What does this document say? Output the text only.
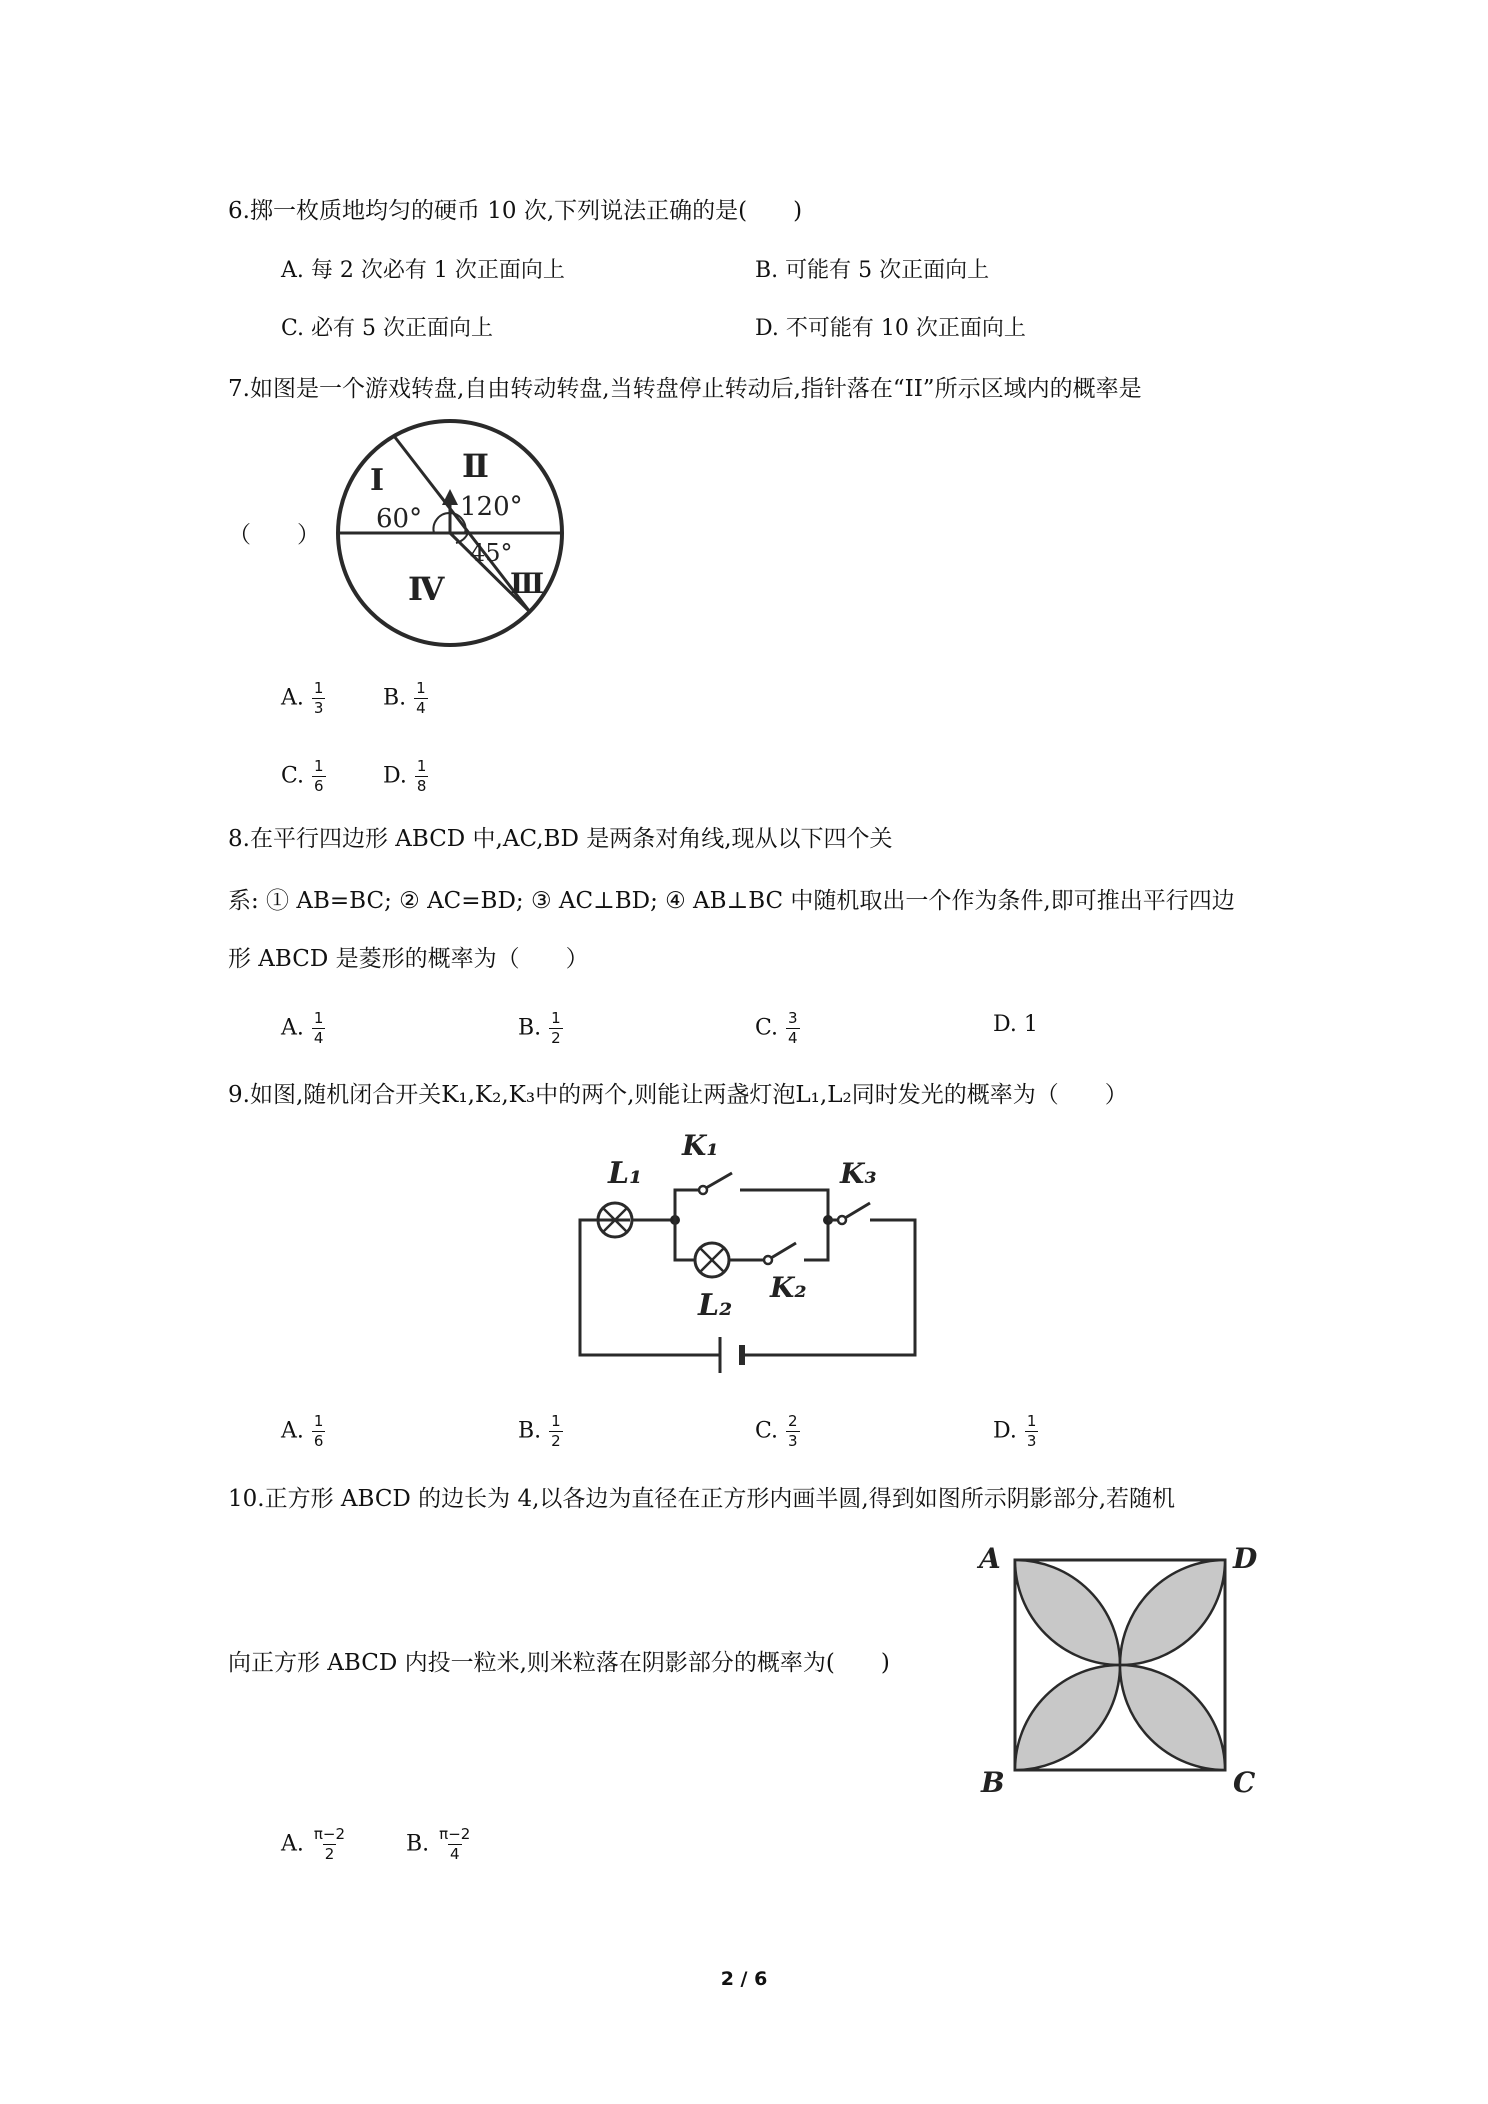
6.掷一枚质地均匀的硬币 10 次,下列说法正确的是(　　)
A. 每 2 次必有 1 次正面向上	B. 可能有 5 次正面向上
C. 必有 5 次正面向上	D. 不可能有 10 次正面向上
7.如图是一个游戏转盘,自由转动转盘,当转盘停止转动后,指针落在“II”所示区域内的概率是
（　　）
Ⅰ Ⅱ
Ⅲ
Ⅳ
60° 120°
45°
A. $\frac{1}{3}$	B. $\frac{1}{4}$
C. $\frac{1}{6}$	D. $\frac{1}{8}$
8.在平行四边形 ABCD 中,AC,BD 是两条对角线,现从以下四个关
系: ① AB=BC; ② AC=BD; ③ AC⊥BD; ④ AB⊥BC 中随机取出一个作为条件,即可推出平行四边
形 ABCD 是菱形的概率为（　　）
A. $\frac{1}{4}$	B. $\frac{1}{2}$	C. $\frac{3}{4}$	D. 1
9.如图,随机闭合开关K₁,K₂,K₃中的两个,则能让两盏灯泡L₁,L₂同时发光的概率为（　　）
L₁
K₁
L₂
K₂
K₃
A. $\frac{1}{6}$	B. $\frac{1}{2}$	C. $\frac{2}{3}$	D. $\frac{1}{3}$
10.正方形 ABCD 的边长为 4,以各边为直径在正方形内画半圆,得到如图所示阴影部分,若随机
向正方形 ABCD 内投一粒米,则米粒落在阴影部分的概率为(　　)
A	D
B	C
A. $\frac{\pi-2}{2}$	B. $\frac{\pi-2}{4}$
2 / 6
